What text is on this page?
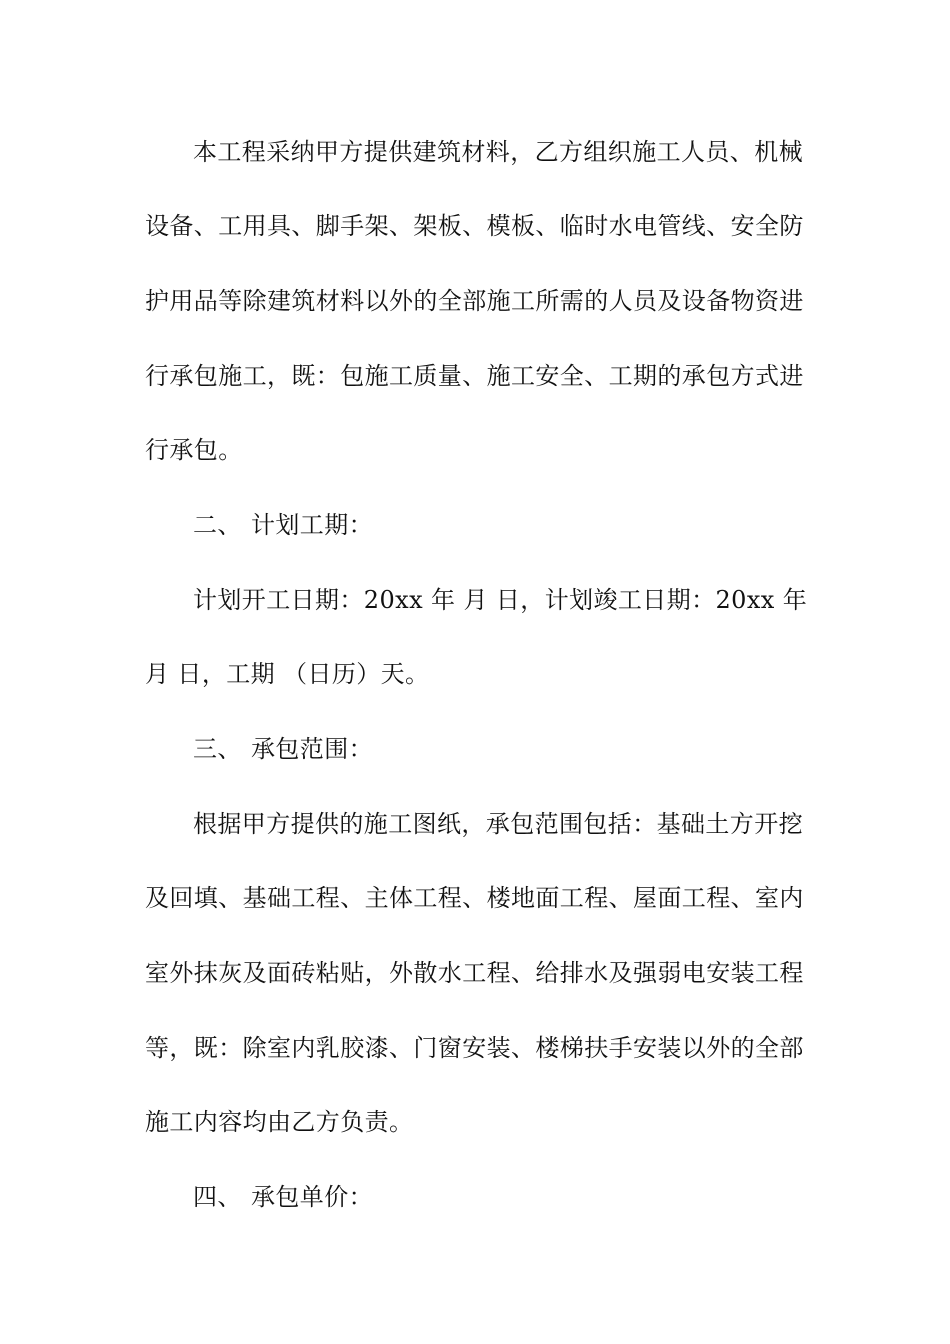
本工程采纳甲方提供建筑材料，乙方组织施工人员、机械
设备、工用具、脚手架、架板、模板、临时水电管线、安全防
护用品等除建筑材料以外的全部施工所需的人员及设备物资进
行承包施工，既：包施工质量、施工安全、工期的承包方式进
行承包。
二、 计划工期：
计划开工日期：20xx 年 月 日，计划竣工日期：20xx 年
月 日，工期 （日历）天。
三、 承包范围：
根据甲方提供的施工图纸，承包范围包括：基础土方开挖
及回填、基础工程、主体工程、楼地面工程、屋面工程、室内
室外抹灰及面砖粘贴，外散水工程、给排水及强弱电安装工程
等，既：除室内乳胶漆、门窗安装、楼梯扶手安装以外的全部
施工内容均由乙方负责。
四、 承包单价：
